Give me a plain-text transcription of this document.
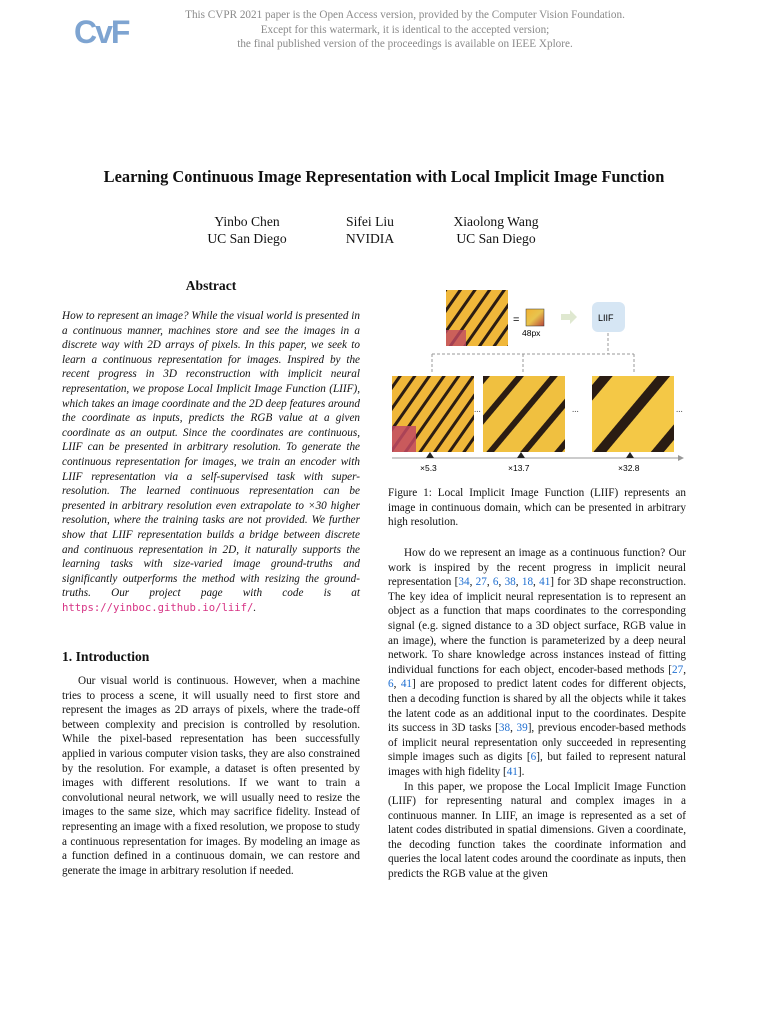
CvF	This CVPR 2021 paper is the Open Access version, provided by the Computer Vision Foundation.
Except for this watermark, it is identical to the accepted version;
the final published version of the proceedings is available on IEEE Xplore.
Learning Continuous Image Representation with Local Implicit Image Function
Yinbo Chen
UC San Diego
Sifei Liu
NVIDIA
Xiaolong Wang
UC San Diego
Abstract
How to represent an image? While the visual world is presented in a continuous manner, machines store and see the images in a discrete way with 2D arrays of pixels. In this paper, we seek to learn a continuous representation for images. Inspired by the recent progress in 3D reconstruction with implicit neural representation, we propose Local Implicit Image Function (LIIF), which takes an image coordinate and the 2D deep features around the coordinate as inputs, predicts the RGB value at a given coordinate as an output. Since the coordinates are continuous, LIIF can be presented in arbitrary resolution. To generate the continuous representation for images, we train an encoder with LIIF representation via a self-supervised task with super-resolution. The learned continuous representation can be presented in arbitrary resolution even extrapolate to ×30 higher resolution, where the training tasks are not provided. We further show that LIIF representation builds a bridge between discrete and continuous representation in 2D, it naturally supports the learning tasks with size-varied image ground-truths and significantly outperforms the method with resizing the ground-truths. Our project page with code is at https://yinboc.github.io/liif/.
1. Introduction

Our visual world is continuous. However, when a machine tries to process a scene, it will usually need to first store and represent the images as 2D arrays of pixels, where the trade-off between complexity and precision is controlled by resolution. While the pixel-based representation has been successfully applied in various computer vision tasks, they are also constrained by the resolution. For example, a dataset is often presented by images with different resolutions. If we want to train a convolutional neural network, we will usually need to resize the images to the same size, which may sacrifice fidelity. Instead of representing an image with a fixed resolution, we propose to study a continuous representation for images. By modeling an image as a function defined in a continuous domain, we can restore and generate the image in arbitrary resolution if needed.

=
48px
LIIF
...	...	...
×5.3	×13.7	×32.8
Figure 1: Local Implicit Image Function (LIIF) represents an image in continuous domain, which can be presented in arbitrary high resolution.

How do we represent an image as a continuous function? Our work is inspired by the recent progress in implicit neural representation [34, 27, 6, 38, 18, 41] for 3D shape reconstruction. The key idea of implicit neural representation is to represent an object as a function that maps coordinates to the corresponding signal (e.g. signed distance to a 3D object surface, RGB value in an image), where the function is parameterized by a deep neural network. To share knowledge across instances instead of fitting individual functions for each object, encoder-based methods [27, 6, 41] are proposed to predict latent codes for different objects, then a decoding function is shared by all the objects while it takes the latent code as an additional input to the coordinates. Despite its success in 3D tasks [38, 39], previous encoder-based methods of implicit neural representation only succeeded in representing simple images such as digits [6], but failed to represent natural images with high fidelity [41].

In this paper, we propose the Local Implicit Image Function (LIIF) for representing natural and complex images in a continuous manner. In LIIF, an image is represented as a set of latent codes distributed in spatial dimensions. Given a coordinate, the decoding function takes the coordinate information and queries the local latent codes around the coordinate as inputs, then predicts the RGB value at the given
